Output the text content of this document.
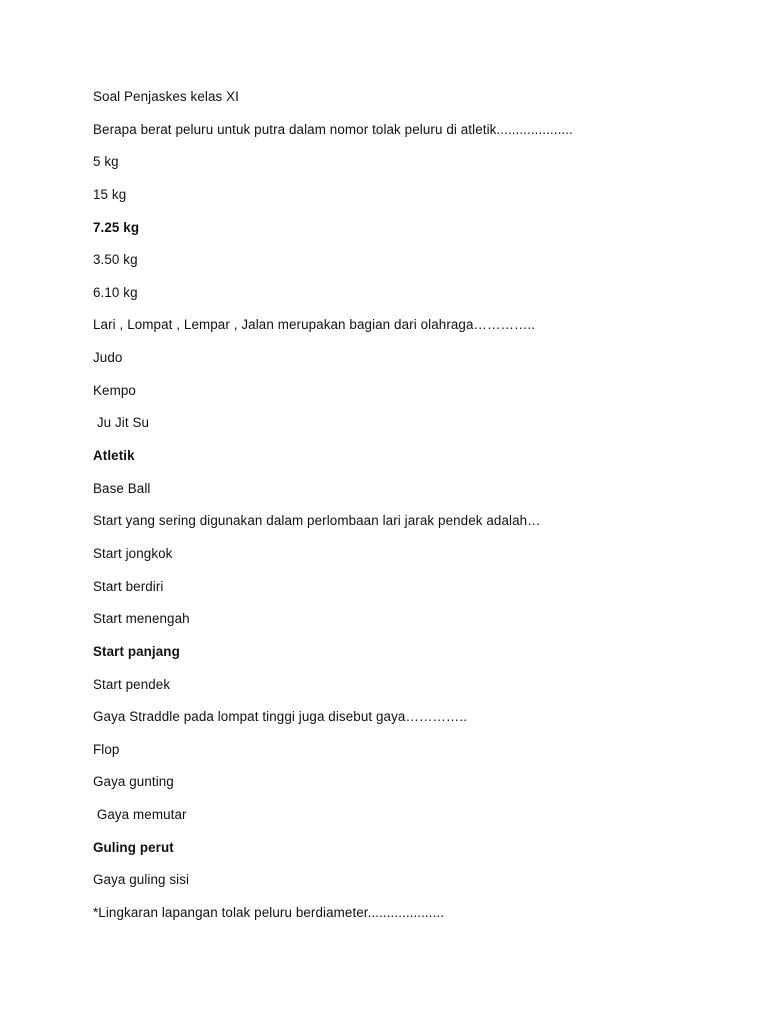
Soal Penjaskes kelas XI
Berapa berat peluru untuk putra dalam nomor tolak peluru di atletik....................
5 kg
15 kg
7.25 kg
3.50 kg
6.10 kg
Lari , Lompat , Lempar , Jalan merupakan bagian dari olahraga…………..
Judo
Kempo
Ju Jit Su
Atletik
Base Ball
Start yang sering digunakan dalam perlombaan lari jarak pendek adalah…
Start jongkok
Start berdiri
Start menengah
Start panjang
Start pendek
Gaya Straddle pada lompat tinggi juga disebut gaya…………..
Flop
Gaya gunting
Gaya memutar
Guling perut
Gaya guling sisi
*Lingkaran lapangan tolak peluru berdiameter....................
